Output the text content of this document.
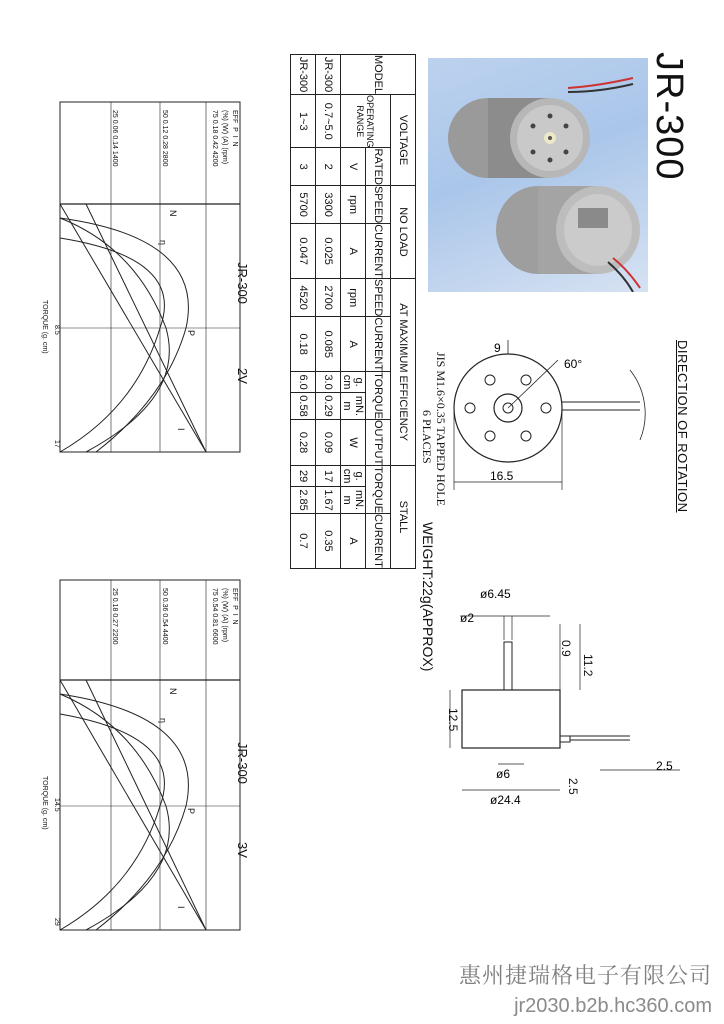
JR-300
DIRECTION OF ROTATION
9
60°
16.5
JIS M1.6×0.35 TAPPED HOLE
6 PLACES
WEIGHT:22g(APPROX)	ø6.45
ø2
ø6
ø24.4
2.5
0.9
11.2
12.5
2.5
MODEL	VOLTAGE		NO LOAD		AT MAXIMUM EFFICIENCY					STALL		
	OPERATING RANGE	RATED	SPEED	CURRENT	SPEED	CURRENT	TORQUE		OUTPUT	TORQUE		CURRENT
		V	rpm	A	rpm	A	g. cm	mN. m	W	g. cm	mN. m	A
JR-300	0.7~5.0	2	3300	0.025	2700	0.085	3.0	0.29	0.09	17	1.67	0.35
JR-300	1~3	3	5700	0.047	4520	0.18	6.0	0.58	0.28	29	2.85	0.7
JR-300
2V
EFF  P  I  N
(%) (W) (A) (rpm)
75 0.18 0.42 4200
50 0.12 0.28 2800
25 0.06 0.14 1400
8.5
17
TORQUE (g. cm)
N
η
P
I
JR-300
3V
EFF  P  I  N
(%) (W) (A) (rpm)
75 0.54 0.81 6600
50 0.36 0.54 4400
25 0.18 0.27 2200
14.5
29
TORQUE (g. cm)
N
η
P
I
惠州捷瑞格电子有限公司
jr2030.b2b.hc360.com
